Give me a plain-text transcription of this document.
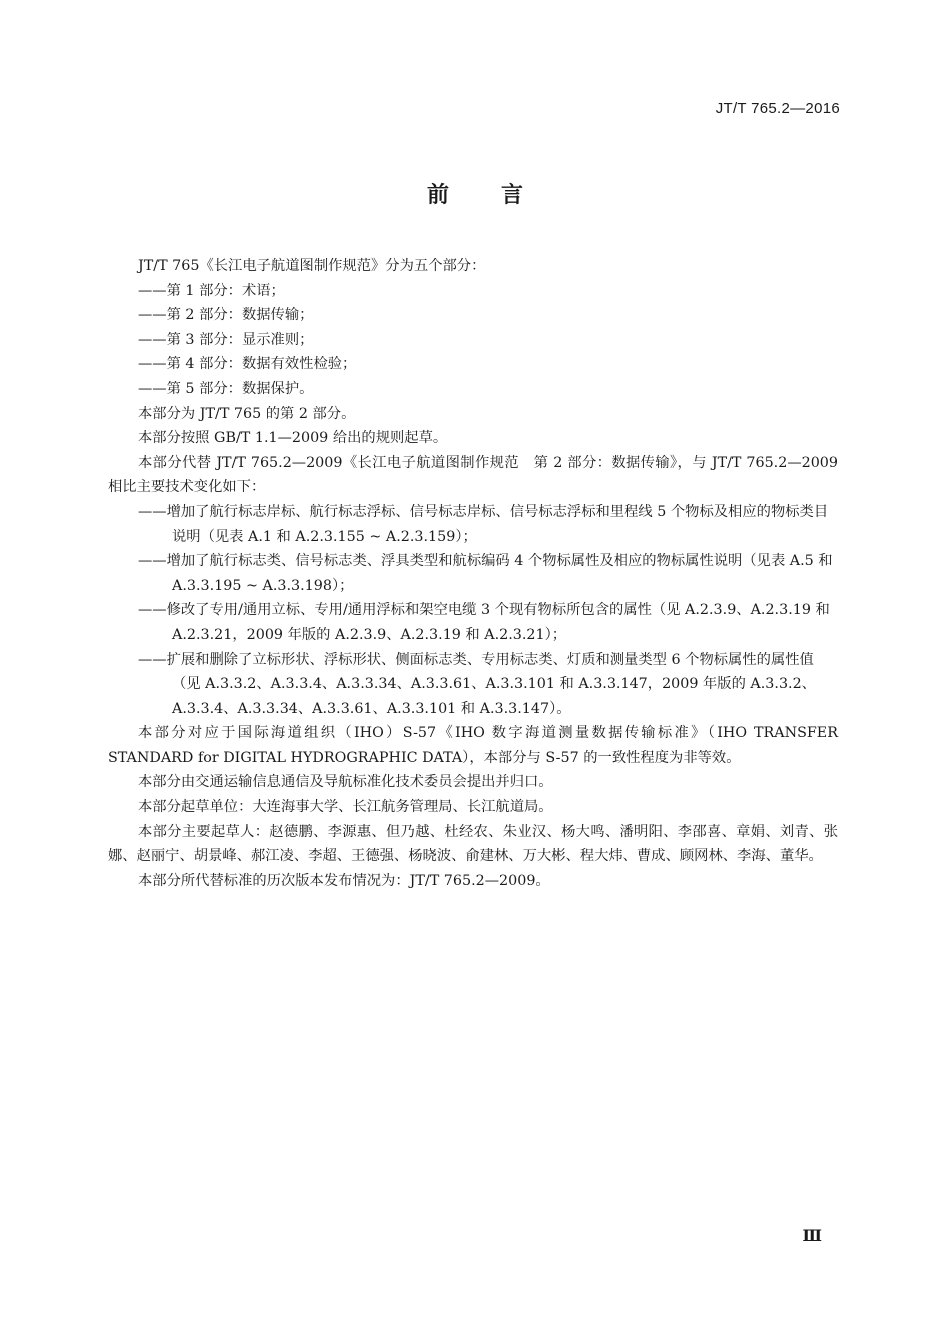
JT/T 765.2—2016
前言
JT/T 765《长江电子航道图制作规范》分为五个部分：
——第 1 部分：术语；
——第 2 部分：数据传输；
——第 3 部分：显示准则；
——第 4 部分：数据有效性检验；
——第 5 部分：数据保护。
本部分为 JT/T 765 的第 2 部分。
本部分按照 GB/T 1.1—2009 给出的规则起草。
本部分代替 JT/T 765.2—2009《长江电子航道图制作规范　第 2 部分：数据传输》，与 JT/T 765.2—2009 相比主要技术变化如下：
——增加了航行标志岸标、航行标志浮标、信号标志岸标、信号标志浮标和里程线 5 个物标及相应的物标类目说明（见表 A.1 和 A.2.3.155 ~ A.2.3.159）；
——增加了航行标志类、信号标志类、浮具类型和航标编码 4 个物标属性及相应的物标属性说明（见表 A.5 和 A.3.3.195 ~ A.3.3.198）；
——修改了专用/通用立标、专用/通用浮标和架空电缆 3 个现有物标所包含的属性（见 A.2.3.9、A.2.3.19 和 A.2.3.21，2009 年版的 A.2.3.9、A.2.3.19 和 A.2.3.21）；
——扩展和删除了立标形状、浮标形状、侧面标志类、专用标志类、灯质和测量类型 6 个物标属性的属性值（见 A.3.3.2、A.3.3.4、A.3.3.34、A.3.3.61、A.3.3.101 和 A.3.3.147，2009 年版的 A.3.3.2、A.3.3.4、A.3.3.34、A.3.3.61、A.3.3.101 和 A.3.3.147）。
本部分对应于国际海道组织（IHO）S-57《IHO 数字海道测量数据传输标准》（IHO TRANSFER STANDARD for DIGITAL HYDROGRAPHIC DATA），本部分与 S-57 的一致性程度为非等效。
本部分由交通运输信息通信及导航标准化技术委员会提出并归口。
本部分起草单位：大连海事大学、长江航务管理局、长江航道局。
本部分主要起草人：赵德鹏、李源惠、但乃越、杜经农、朱业汉、杨大鸣、潘明阳、李邵喜、章娟、刘青、张娜、赵丽宁、胡景峰、郝江凌、李超、王德强、杨晓波、俞建林、万大彬、程大炜、曹成、顾网林、李海、董华。
本部分所代替标准的历次版本发布情况为：JT/T 765.2—2009。
Ⅲ
